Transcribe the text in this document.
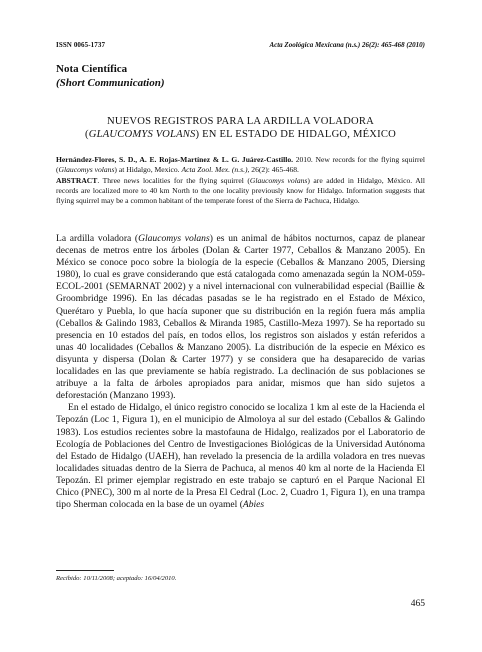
ISSN 0065-1737	Acta Zoológica Mexicana (n.s.) 26(2): 465-468 (2010)
Nota Científica
(Short Communication)
NUEVOS REGISTROS PARA LA ARDILLA VOLADORA
(GLAUCOMYS VOLANS) EN EL ESTADO DE HIDALGO, MÉXICO

Hernández-Flores, S. D., A. E. Rojas-Martínez & L. G. Juárez-Castillo. 2010. New records for the flying squirrel (Glaucomys volans) at Hidalgo, Mexico. Acta Zool. Mex. (n.s.), 26(2): 465-468.

ABSTRACT. Three news localities for the flying squirrel (Glaucomys volans) are added in Hidalgo, México. All records are localized more to 40 km North to the one locality previously know for Hidalgo. Information suggests that flying squirrel may be a common habitant of the temperate forest of the Sierra de Pachuca, Hidalgo.

La ardilla voladora (Glaucomys volans) es un animal de hábitos nocturnos, capaz de planear decenas de metros entre los árboles (Dolan & Carter 1977, Ceballos & Manzano 2005). En México se conoce poco sobre la biología de la especie (Ceballos & Manzano 2005, Diersing 1980), lo cual es grave considerando que está catalogada como amenazada según la NOM-059-ECOL-2001 (SEMARNAT 2002) y a nivel internacional con vulnerabilidad especial (Baillie & Groombridge 1996). En las décadas pasadas se le ha registrado en el Estado de México, Querétaro y Puebla, lo que hacía suponer que su distribución en la región fuera más amplia (Ceballos & Galindo 1983, Ceballos & Miranda 1985, Castillo-Meza 1997). Se ha reportado su presencia en 10 estados del país, en todos ellos, los registros son aislados y están referidos a unas 40 localidades (Ceballos & Manzano 2005). La distribución de la especie en México es disyunta y dispersa (Dolan & Carter 1977) y se considera que ha desaparecido de varias localidades en las que previamente se había registrado. La declinación de sus poblaciones se atribuye a la falta de árboles apropiados para anidar, mismos que han sido sujetos a deforestación (Manzano 1993).

En el estado de Hidalgo, el único registro conocido se localiza 1 km al este de la Hacienda el Tepozán (Loc 1, Figura 1), en el municipio de Almoloya al sur del estado (Ceballos & Galindo 1983). Los estudios recientes sobre la mastofauna de Hidalgo, realizados por el Laboratorio de Ecología de Poblaciones del Centro de Investigaciones Biológicas de la Universidad Autónoma del Estado de Hidalgo (UAEH), han revelado la presencia de la ardilla voladora en tres nuevas localidades situadas dentro de la Sierra de Pachuca, al menos 40 km al norte de la Hacienda El Tepozán. El primer ejemplar registrado en este trabajo se capturó en el Parque Nacional El Chico (PNEC), 300 m al norte de la Presa El Cedral (Loc. 2, Cuadro 1, Figura 1), en una trampa tipo Sherman colocada en la base de un oyamel (Abies

Recibido: 10/11/2008; aceptado: 16/04/2010.
465
